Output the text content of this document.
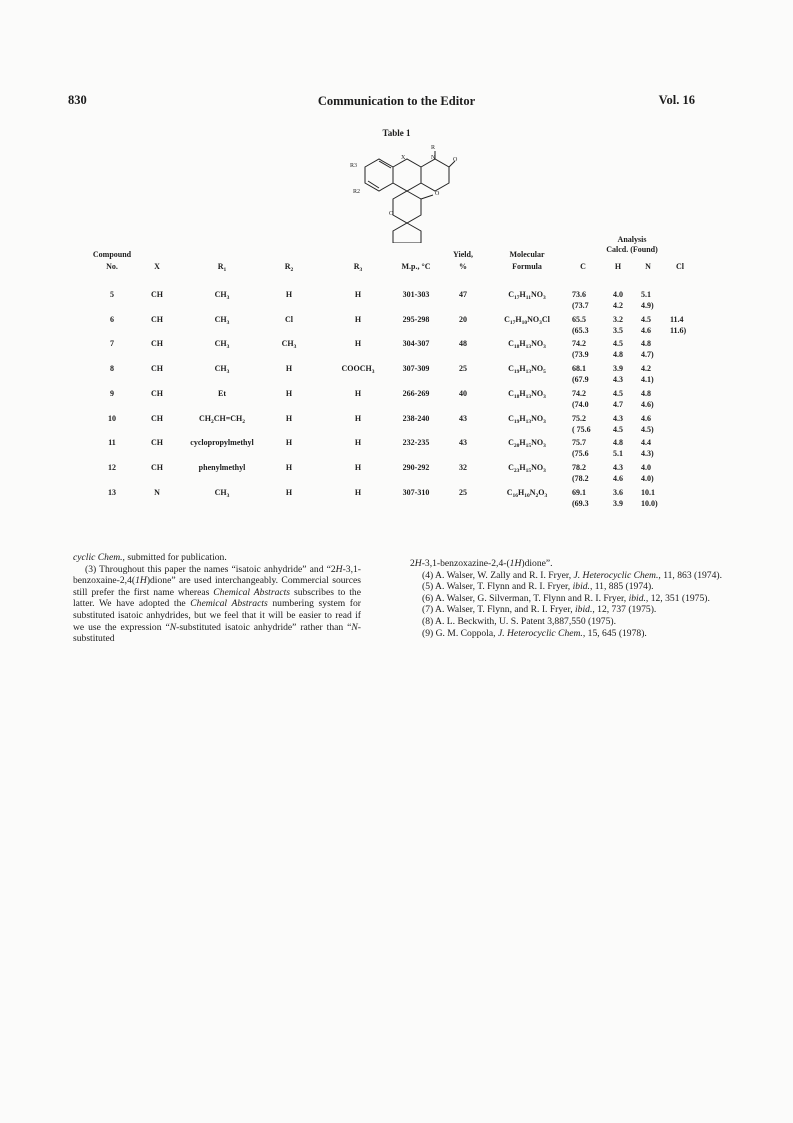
830	Communication to the Editor	Vol. 16
Table 1
R3
X	N
R
O
R2
O
O
Analysis
Calcd. (Found)
Compound
No.	X	$R_1$	$R_2$	$R_3$	M.p., °C
Yield,
%
Molecular
Formula	C	H	N	Cl
5	CH	$CH_3$	H	H	301-303	47	$C_{17}H_{11}NO_3$	73.6	4.0 5.1
(73.7	4.2 4.9)
6	CH	$CH_3$	Cl	H	295-298	20	$C_{17}H_{10}NO_3Cl$	65.5	3.2 4.5 11.4
(65.3	3.5 4.6 11.6)
7	CH	$CH_3$	$CH_3$	H	304-307	48	$C_{18}H_{13}NO_3$	74.2	4.5 4.8
(73.9	4.8 4.7)
8	CH	$CH_3$	H	$COOCH_3$	307-309	25	$C_{19}H_{13}NO_5$	68.1	3.9 4.2
(67.9	4.3 4.1)
9	CH	Et	H	H	266-269	40	$C_{18}H_{13}NO_3$	74.2	4.5 4.8
(74.0	4.7 4.6)
10	CH	$CH_2CH=CH_2$	H	H	238-240	43	$C_{19}H_{13}NO_3$	75.2	4.3 4.6
( 75.6	4.5 4.5)
11	CH	cyclopropylmethyl	H	H	232-235	43	$C_{20}H_{15}NO_3$	75.7	4.8 4.4
(75.6	5.1 4.3)
12	CH	phenylmethyl	H	H	290-292	32	$C_{23}H_{15}NO_3$	78.2	4.3 4.0
(78.2	4.6 4.0)
13	N	$CH_3$	H	H	307-310	25	$C_{16}H_{10}N_2O_3$	69.1	3.6 10.1
(69.3	3.9 10.0)

cyclic Chem., submitted for publication.

(3) Throughout this paper the names “isatoic anhydride” and “2H-3,1-benzoxaine-2,4(1H)dione” are used interchangeably. Commercial sources still prefer the first name whereas Chemical Abstracts subscribes to the latter. We have adopted the Chemical Abstracts numbering system for substituted isatoic anhydrides, but we feel that it will be easier to read if we use the expression “N-substituted isatoic anhydride” rather than “N-substituted

2H-3,1-benzoxazine-2,4-(1H)dione”.

(4) A. Walser, W. Zally and R. I. Fryer, J. Heterocyclic Chem., 11, 863 (1974).

(5) A. Walser, T. Flynn and R. I. Fryer, ibid., 11, 885 (1974).

(6) A. Walser, G. Silverman, T. Flynn and R. I. Fryer, ibid., 12, 351 (1975).

(7) A. Walser, T. Flynn, and R. I. Fryer, ibid., 12, 737 (1975).

(8) A. L. Beckwith, U. S. Patent 3,887,550 (1975).

(9) G. M. Coppola, J. Heterocyclic Chem., 15, 645 (1978).
